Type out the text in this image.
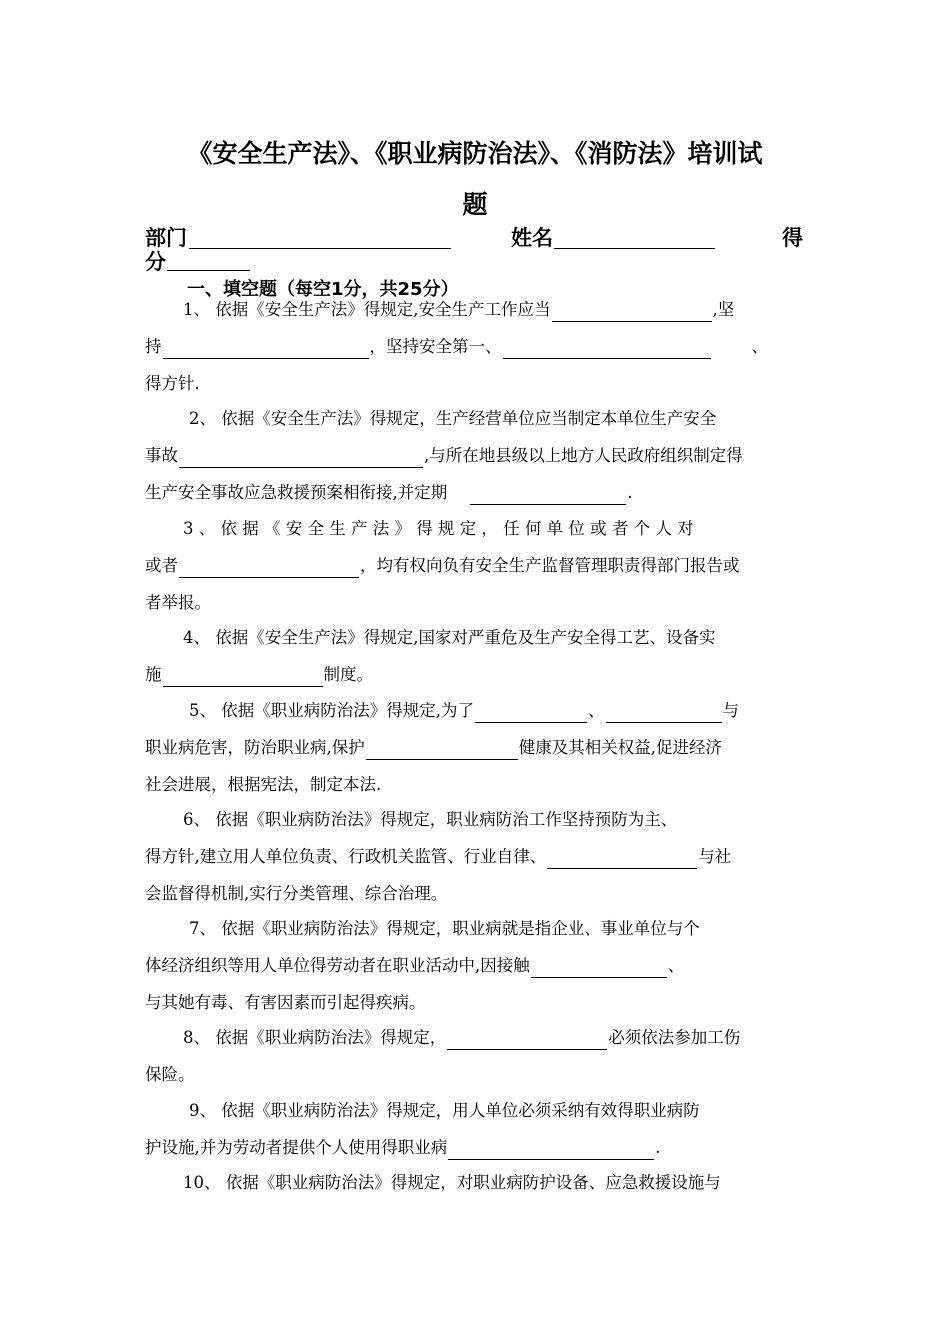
《安全生产法》、《职业病防治法》、《消防法》培训试
题
部门	姓名	得
分
一、填空题（每空1分，共25分）
1、 依据《安全生产法》得规定,安全生产工作应当	,坚
持	，坚持安全第一、	、
得方针.
2、 依据《安全生产法》得规定，生产经营单位应当制定本单位生产安全
事故	,与所在地县级以上地方人民政府组织制定得
生产安全事故应急救援预案相衔接,并定期	.
3 、 依 据 《 安 全 生 产 法 》 得 规 定 ， 任 何 单 位 或 者 个 人 对
或者	，均有权向负有安全生产监督管理职责得部门报告或
者举报。
4、 依据《安全生产法》得规定,国家对严重危及生产安全得工艺、设备实
施	制度。
5、 依据《职业病防治法》得规定,为了	、	与
职业病危害，防治职业病,保护	健康及其相关权益,促进经济
社会进展，根据宪法，制定本法.
6、 依据《职业病防治法》得规定，职业病防治工作坚持预防为主、
得方针,建立用人单位负责、行政机关监管、行业自律、	与社
会监督得机制,实行分类管理、综合治理。
7、 依据《职业病防治法》得规定，职业病就是指企业、事业单位与个
体经济组织等用人单位得劳动者在职业活动中,因接触	、
与其她有毒、有害因素而引起得疾病。
8、 依据《职业病防治法》得规定，	必须依法参加工伤
保险。
9、 依据《职业病防治法》得规定，用人单位必须采纳有效得职业病防
护设施,并为劳动者提供个人使用得职业病	.
10、 依据《职业病防治法》得规定，对职业病防护设备、应急救援设施与
